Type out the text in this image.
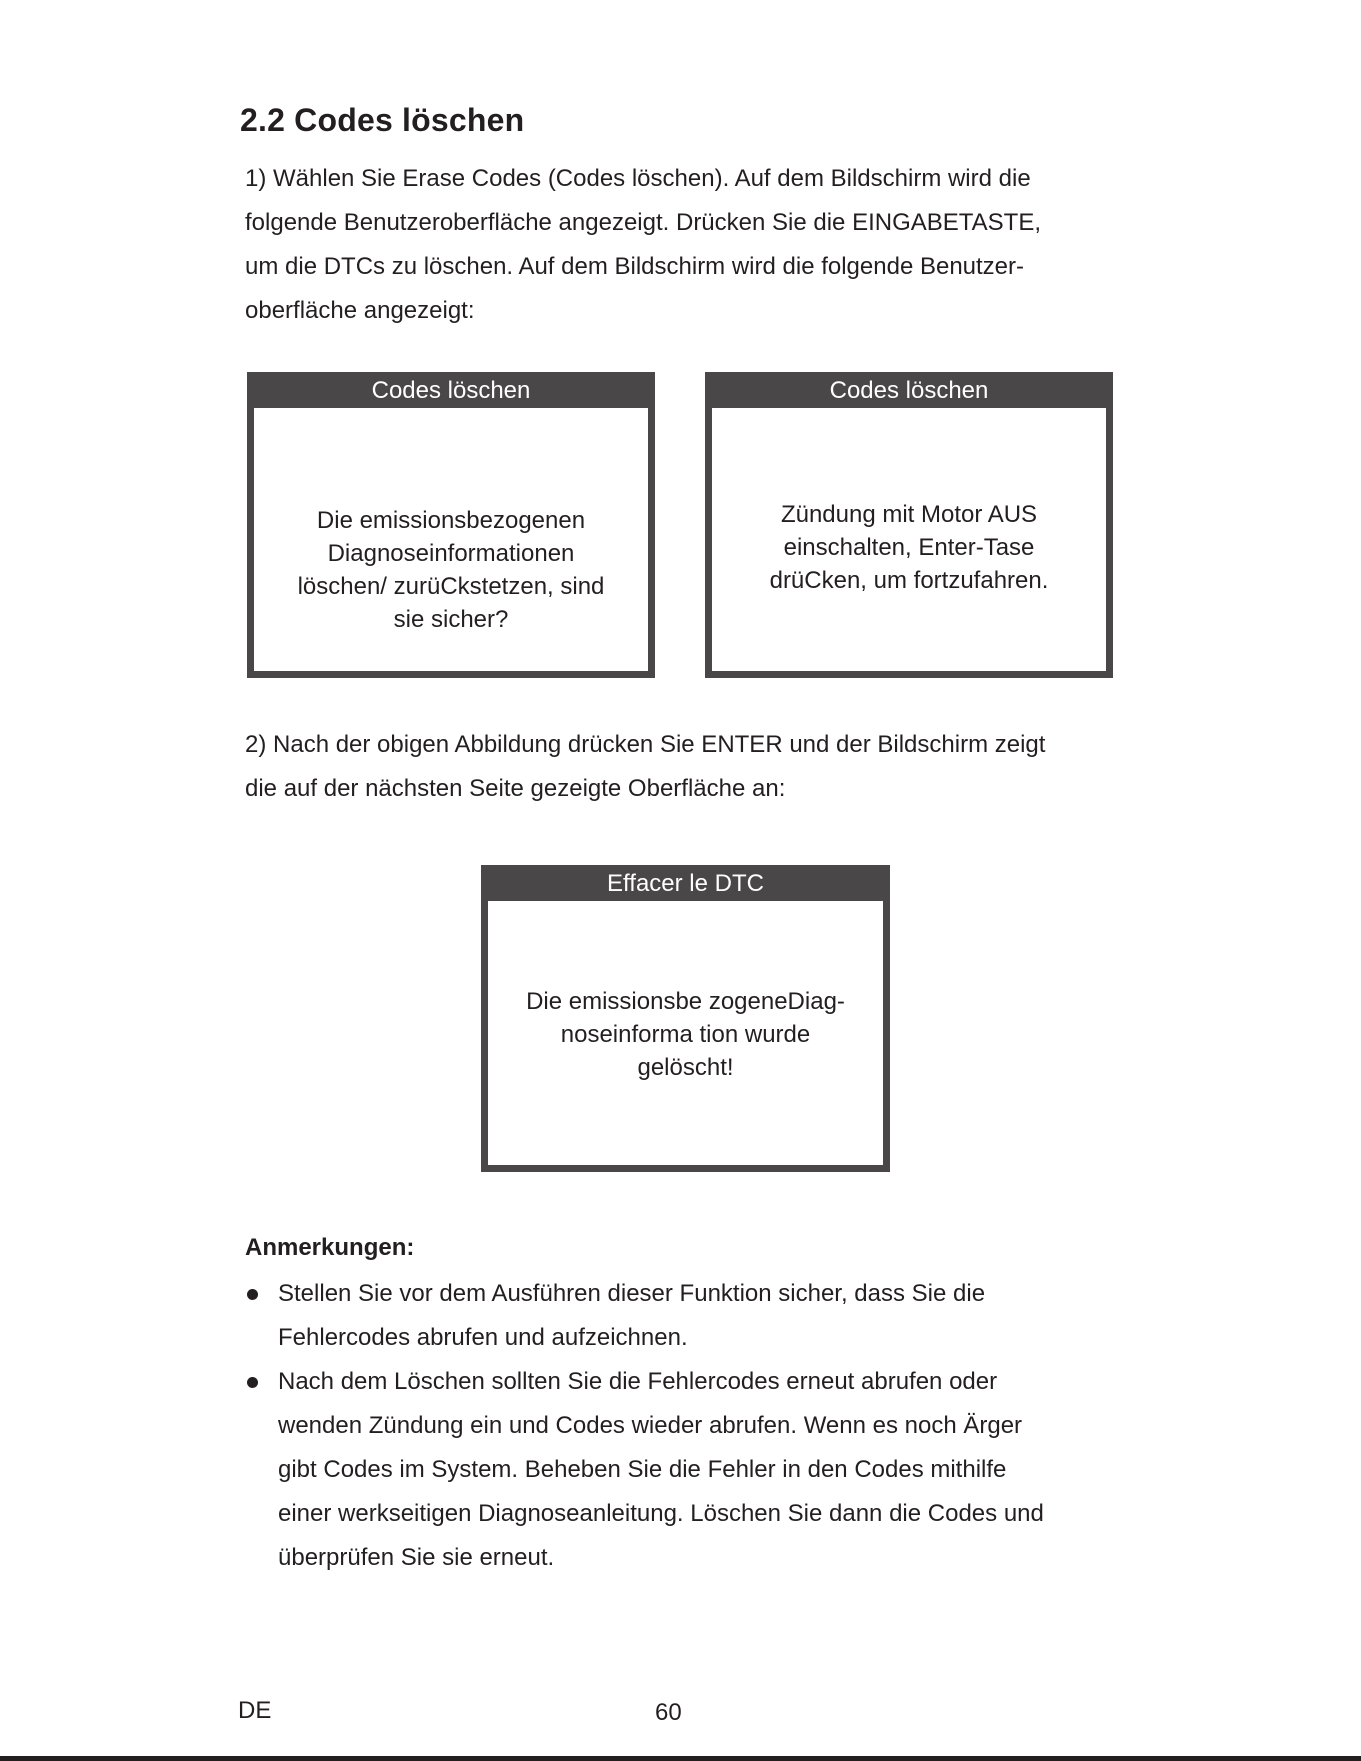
2.2 Codes löschen
1) Wählen Sie Erase Codes (Codes löschen). Auf dem Bildschirm wird die
folgende Benutzeroberfläche angezeigt. Drücken Sie die EINGABETASTE,
um die DTCs zu löschen. Auf dem Bildschirm wird die folgende Benutzer-
oberfläche angezeigt:
Codes löschen
Die emissionsbezogenen
Diagnoseinformationen
löschen/ zurüCkstetzen, sind
sie sicher?
Codes löschen
Zündung mit Motor AUS
einschalten, Enter-Tase
drüCken, um fortzufahren.
2) Nach der obigen Abbildung drücken Sie ENTER und der Bildschirm zeigt
die auf der nächsten Seite gezeigte Oberfläche an:
Effacer le DTC
Die emissionsbe zogeneDiag-
noseinforma tion wurde
gelöscht!
Anmerkungen:
Stellen Sie vor dem Ausführen dieser Funktion sicher, dass Sie die
Fehlercodes abrufen und aufzeichnen.
Nach dem Löschen sollten Sie die Fehlercodes erneut abrufen oder
wenden Zündung ein und Codes wieder abrufen. Wenn es noch Ärger
gibt Codes im System. Beheben Sie die Fehler in den Codes mithilfe
einer werkseitigen Diagnoseanleitung. Löschen Sie dann die Codes und
überprüfen Sie sie erneut.
DE	60
